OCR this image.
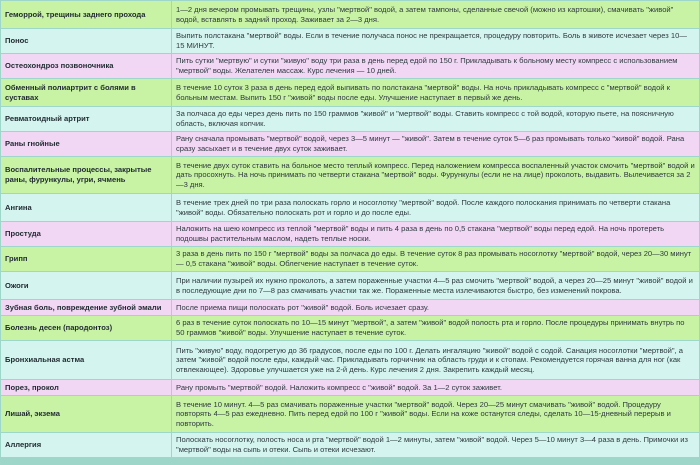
Геморрой, трещины заднего прохода	1—2 дня вечером промывать трещины, узлы "мертвой" водой, а затем тампоны, сделанные свечой (можно из картошки), смачивать "живой" водой, вставлять в задний проход. Заживает за 2—3 дня.
Понос	Выпить полстакана "мертвой" воды. Если в течение получаса понос не прекращается, процедуру повторить. Боль в животе исчезает через 10—15 МИНУТ.
Остеохондроз позвоночника	Пить сутки "мертвую" и сутки "живую" воду три раза в день перед едой по 150 г. Прикладывать к больному месту компресс с использованием "мертвой" воды. Желателен массаж. Курс лечения — 10 дней.
Обменный полиартрит с болями в суставах	В течение 10 суток 3 раза в день перед едой выпивать по полстакана "мертвой" воды. На ночь прикладывать компресс с "мертвой" водой к больным местам. Выпить 150 г "живой" воды после еды. Улучшение наступает в первый же день.
Ревматоидный артрит	За полчаса до еды через день пить по 150 граммов "живой" и "мертвой" воды. Ставить компресс с той водой, которую пьете, на поясничную область, включая копчик.
Раны гнойные	Рану сначала промывать "мертвой" водой, через 3—5 минут — "живой". Затем в течение суток 5—6 раз промывать только "живой" водой. Рана сразу засыхает и в течение двух суток заживает.
Воспалительные процессы, закрытые раны, фурункулы, угри, ячмень	В течение двух суток ставить на больное место теплый компресс. Перед наложением компресса воспаленный участок смочить "мертвой" водой и дать просохнуть. На ночь принимать по четверти стакана "мертвой" воды. Фурункулы (если не на лице) проколоть, выдавить. Вылечивается за 2—3 дня.
Ангина	В течение трех дней по три раза полоскать горло и носоглотку "мертвой" водой. После каждого полоскания принимать по четверти стакана "живой" воды. Обязательно полоскать рот и горло и до после еды.
Простуда	Наложить на шею компресс из теплой "мертвой" воды и пить 4 раза в день по 0,5 стакана "мертвой" воды перед едой. На ночь протереть подошвы растительным маслом, надеть теплые носки.
Грипп	3 раза в день пить по 150 г "мертвой" воды за полчаса до еды. В течение суток 8 раз промывать носоглотку "мертвой" водой, через 20—30 минут — 0,5 стакана "живой" воды. Облегчение наступает в течение суток.
Ожоги	При наличии пузырей их нужно проколоть, а затем пораженные участки 4—5 раз смочить "мертвой" водой, а через 20—25 минут "живой" водой и в последующие дни по 7—8 раз смачивать участки так же. Пораженные места излечиваются быстро, без изменений покрова.
Зубная боль, повреждение зубной эмали	После приема пищи полоскать рот "живой" водой. Боль исчезает сразу.
Болезнь десен (пародонтоз)	6 раз в течение суток полоскать по 10—15 минут "мертвой", а затем "живой" водой полость рта и горло. После процедуры принимать внутрь по 50 граммов "живой" воды. Улучшение наступает в течение суток.
Бронхиальная астма	Пить "живую" воду, подогретую до 36 градусов, после еды по 100 г. Делать ингаляцию "живой" водой с содой. Санация носоглотки "мертвой", а затем "живой" водой после еды, каждый час. Прикладывать горчичник на область груди и к стопам. Рекомендуется горячая ванна для ног (как отвлекающее). Здоровье улучшается уже на 2-й день. Курс лечения 2 дня. Закрепить каждый месяц.
Порез, прокол	Рану промыть "мертвой" водой. Наложить компресс с "живой" водой. За 1—2 суток заживет.
Лишай, экзема	В течение 10 минут. 4—5 раз смачивать пораженные участки "мертвой" водой. Через 20—25 минут смачивать "живой" водой. Процедуру повторять 4—5 раз ежедневно. Пить перед едой по 100 г "живой" воды. Если на коже останутся следы, сделать 10—15-дневный перерыв и повторить.
Аллергия	Полоскать носоглотку, полость носа и рта "мертвой" водой 1—2 минуты, затем "живой" водой. Через 5—10 минут 3—4 раза в день. Примочки из "мертвой" воды на сыпь и отеки. Сыпь и отеки исчезают.
